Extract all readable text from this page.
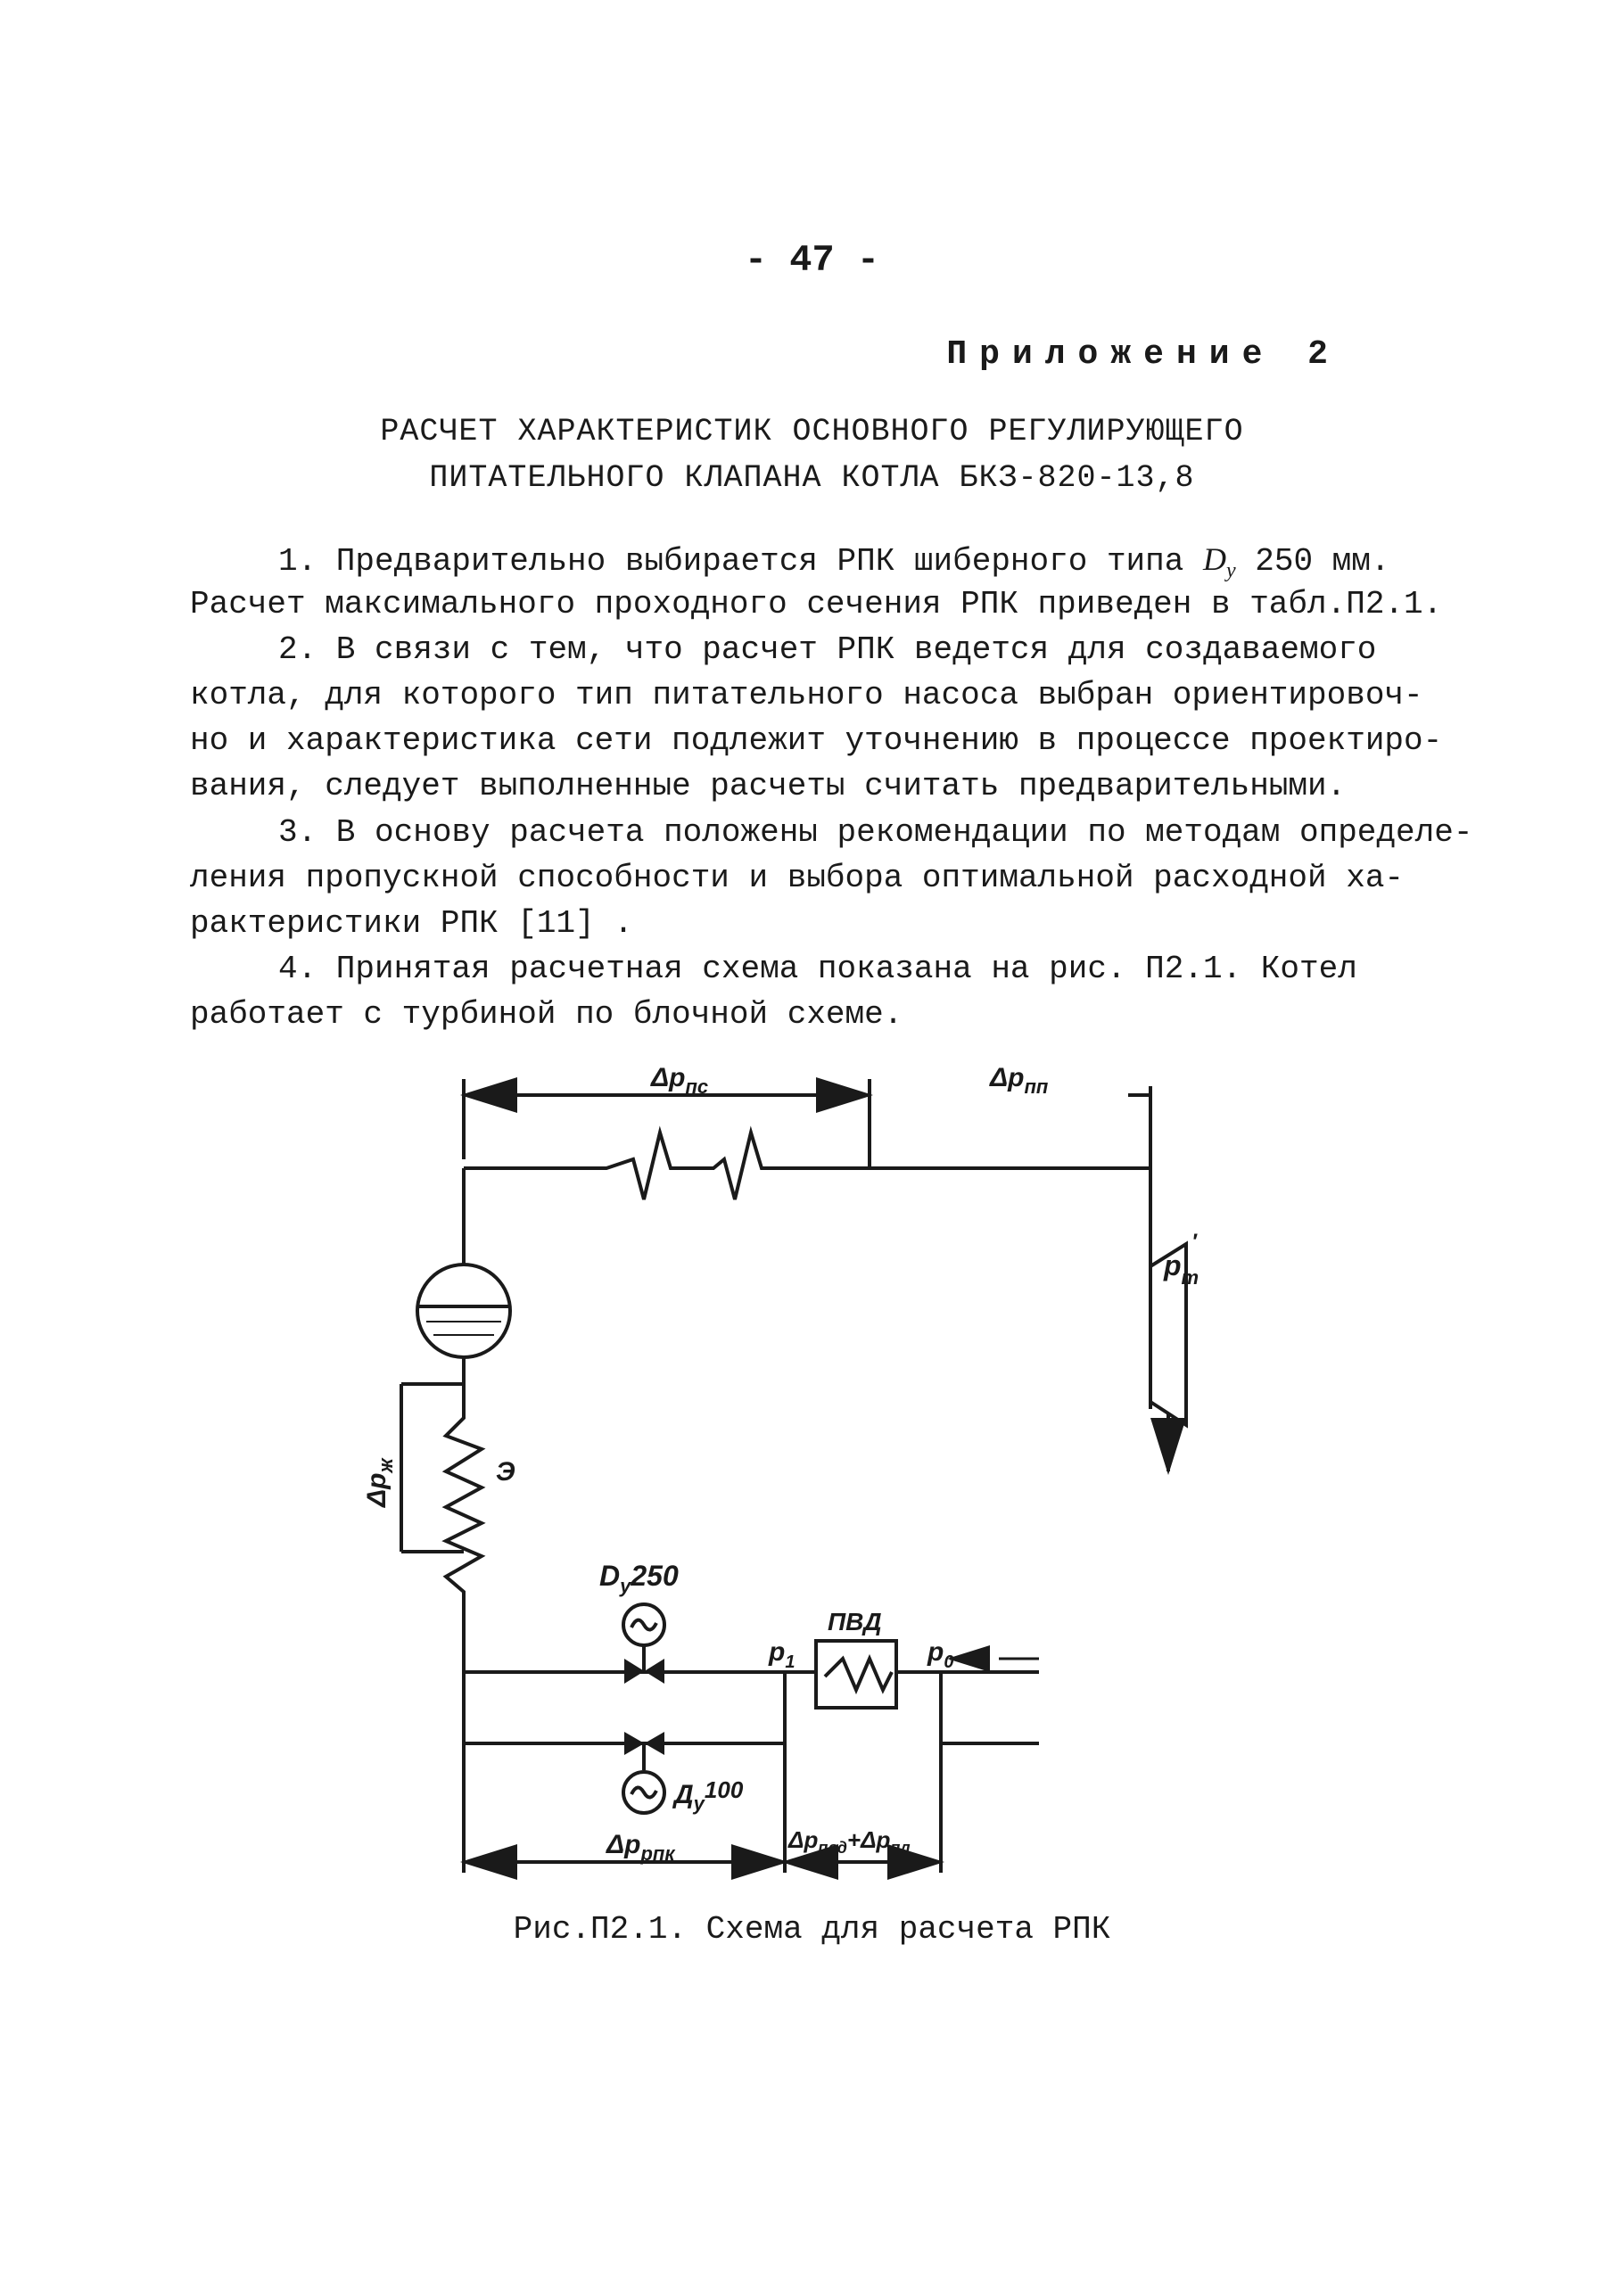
- 47 -
Приложение 2
РАСЧЕТ ХАРАКТЕРИСТИК ОСНОВНОГО РЕГУЛИРУЮЩЕГО
ПИТАТЕЛЬНОГО КЛАПАНА КОТЛА БКЗ-820-13,8
1. Предварительно выбирается РПК шиберного типа $D_у$ 250 мм.
Расчет максимального проходного сечения РПК приведен в табл.П2.1.
2. В связи с тем, что расчет РПК ведется для создаваемого
котла, для которого тип питательного насоса выбран ориентировоч-
но и характеристика сети подлежит уточнению в процессе проектиро-
вания, следует выполненные расчеты считать предварительными.
3. В основу расчета положены рекомендации по методам определе-
ления пропускной способности и выбора оптимальной расходной ха-
рактеристики РПК [11] .
4. Принятая расчетная схема показана на рис. П2.1. Котел
работает с турбиной по блочной схеме.
$\Delta p_{пс}$	$\Delta p_{пп}$
$p_т'$
$\Delta p_ж$	Э
$D_у250$
ПВД
$p_1$	$p_0$
$Д_у100$
$\Delta p_{рпк}$
$\Delta p_{пвд}+\Delta p_{пл}$
Рис.П2.1. Схема для расчета РПК
